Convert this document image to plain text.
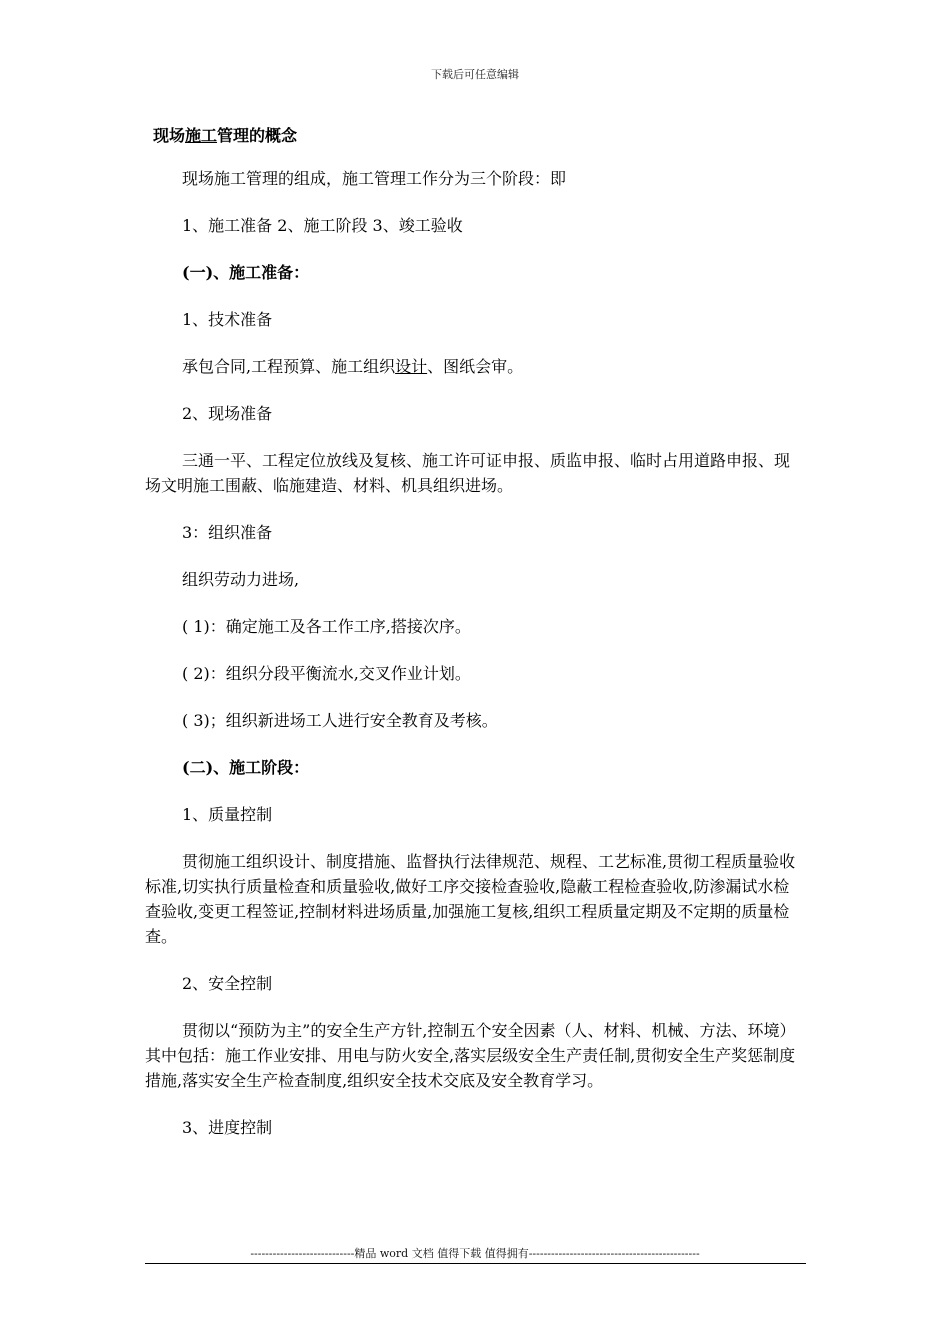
下载后可任意编辑
现场施工管理的概念

现场施工管理的组成，施工管理工作分为三个阶段：即

1、施工准备 2、施工阶段 3、竣工验收

(一)、施工准备：

1、技术准备

承包合同,工程预算、施工组织设计、图纸会审。

2、现场准备

三通一平、工程定位放线及复核、施工许可证申报、质监申报、临时占用道路申报、现场文明施工围蔽、临施建造、材料、机具组织进场。

3：组织准备

组织劳动力进场,

( 1)：确定施工及各工作工序,搭接次序。

( 2)：组织分段平衡流水,交叉作业计划。

( 3)；组织新进场工人进行安全教育及考核。

(二)、施工阶段：

1、质量控制

贯彻施工组织设计、制度措施、监督执行法律规范、规程、工艺标准,贯彻工程质量验收标准,切实执行质量检查和质量验收,做好工序交接检查验收,隐蔽工程检查验收,防渗漏试水检查验收,变更工程签证,控制材料进场质量,加强施工复核,组织工程质量定期及不定期的质量检查。

2、安全控制

贯彻以“预防为主”的安全生产方针,控制五个安全因素（人、材料、机械、方法、环境）其中包括：施工作业安排、用电与防火安全,落实层级安全生产责任制,贯彻安全生产奖惩制度措施,落实安全生产检查制度,组织安全技术交底及安全教育学习。

3、进度控制

----------------------------精品 word 文档 值得下载 值得拥有----------------------------------------------
